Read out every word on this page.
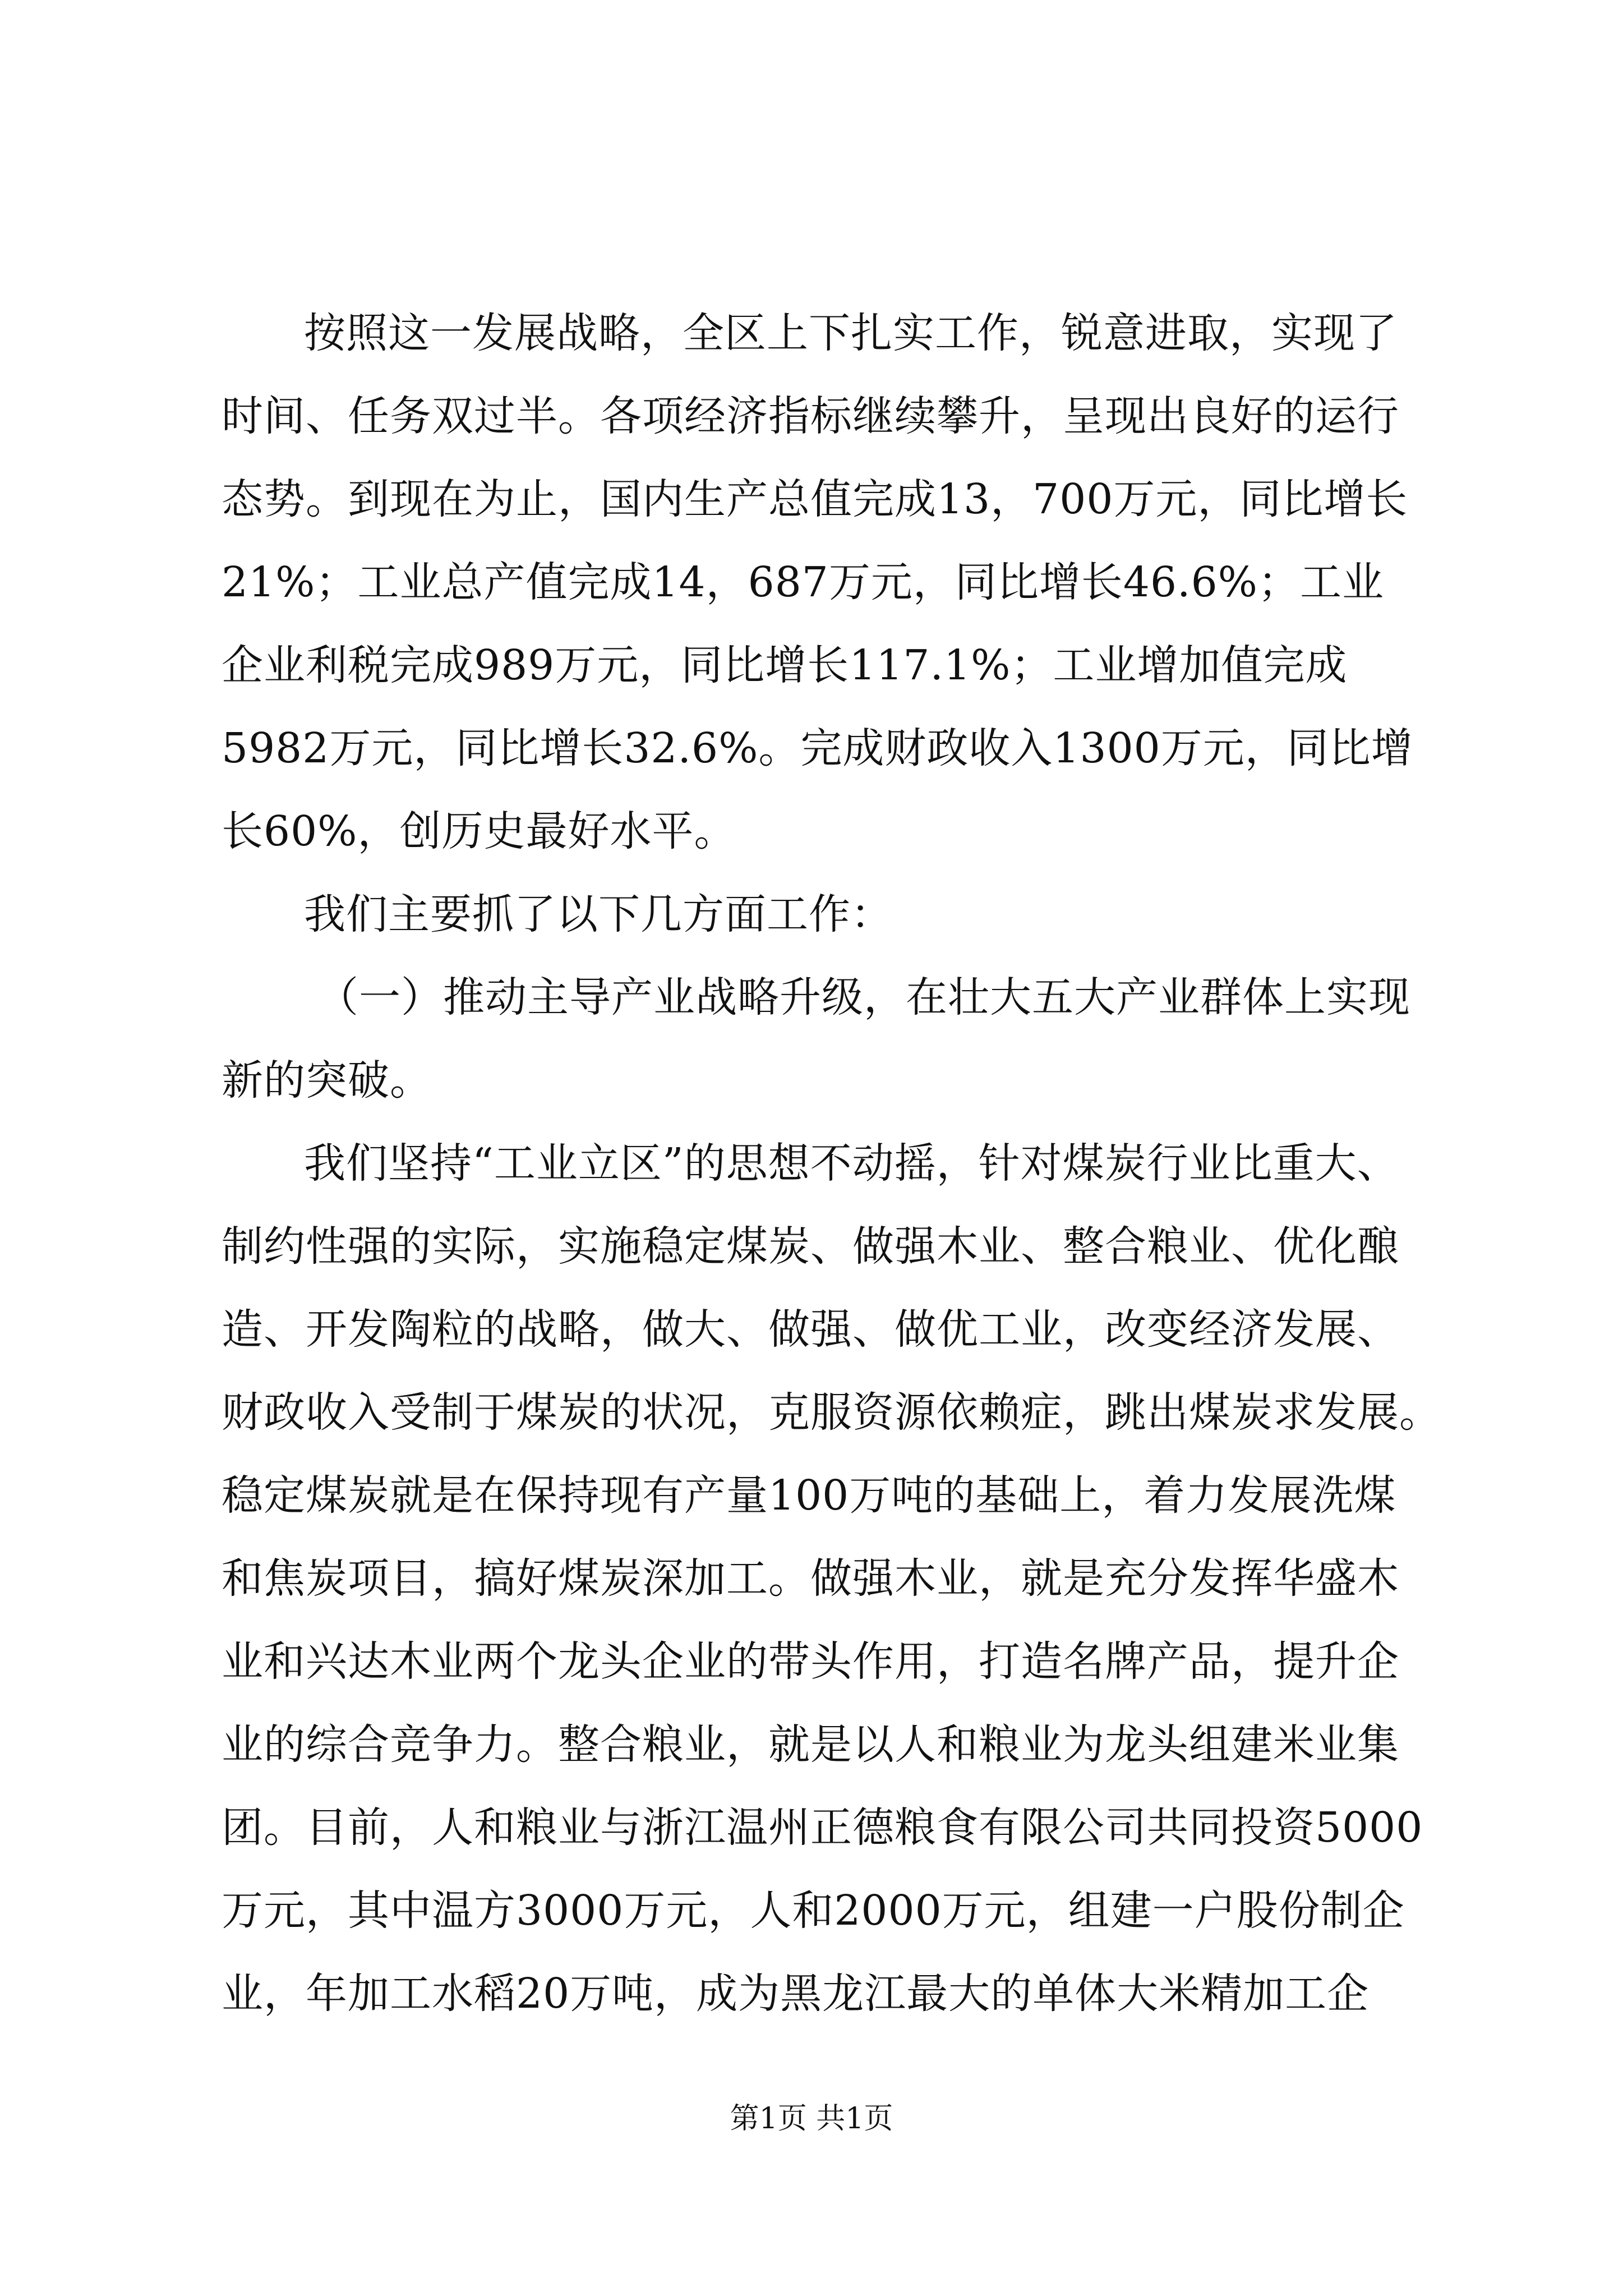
按照这一发展战略，全区上下扎实工作，锐意进取，实现了
时间、任务双过半。各项经济指标继续攀升，呈现出良好的运行
态势。到现在为止，国内生产总值完成13，700万元，同比增长
21%；工业总产值完成14，687万元，同比增长46.6%；工业
企业利税完成989万元，同比增长117.1%；工业增加值完成
5982万元，同比增长32.6%。完成财政收入1300万元，同比增
长60%，创历史最好水平。
我们主要抓了以下几方面工作：
（一）推动主导产业战略升级，在壮大五大产业群体上实现
新的突破。
我们坚持“工业立区”的思想不动摇，针对煤炭行业比重大、
制约性强的实际，实施稳定煤炭、做强木业、整合粮业、优化酿
造、开发陶粒的战略，做大、做强、做优工业，改变经济发展、
财政收入受制于煤炭的状况，克服资源依赖症，跳出煤炭求发展。
稳定煤炭就是在保持现有产量100万吨的基础上，着力发展洗煤
和焦炭项目，搞好煤炭深加工。做强木业，就是充分发挥华盛木
业和兴达木业两个龙头企业的带头作用，打造名牌产品，提升企
业的综合竞争力。整合粮业，就是以人和粮业为龙头组建米业集
团。目前，人和粮业与浙江温州正德粮食有限公司共同投资5000
万元，其中温方3000万元，人和2000万元，组建一户股份制企
业，年加工水稻20万吨，成为黑龙江最大的单体大米精加工企
第1页 共1页
